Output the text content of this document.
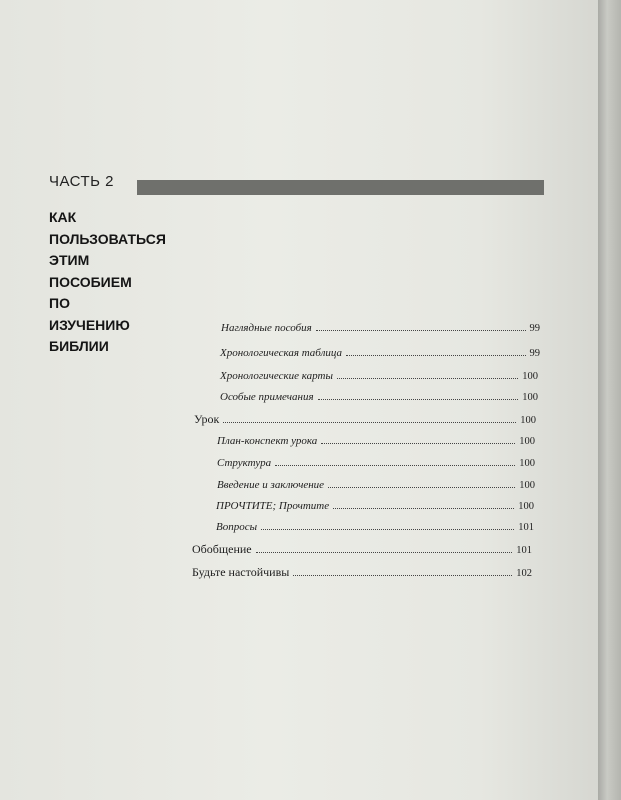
ЧАСТЬ 2
КАК
ПОЛЬЗОВАТЬСЯ
ЭТИМ
ПОСОБИЕМ
ПО
ИЗУЧЕНИЮ
БИБЛИИ
Наглядные пособия	99
Хронологическая таблица	99
Хронологические карты	100
Особые примечания	100
Урок	100
План-конспект урока	100
Структура	100
Введение и заключение	100
ПРОЧТИТЕ; Прочтите	100
Вопросы	101
Обобщение	101
Будьте настойчивы	102
